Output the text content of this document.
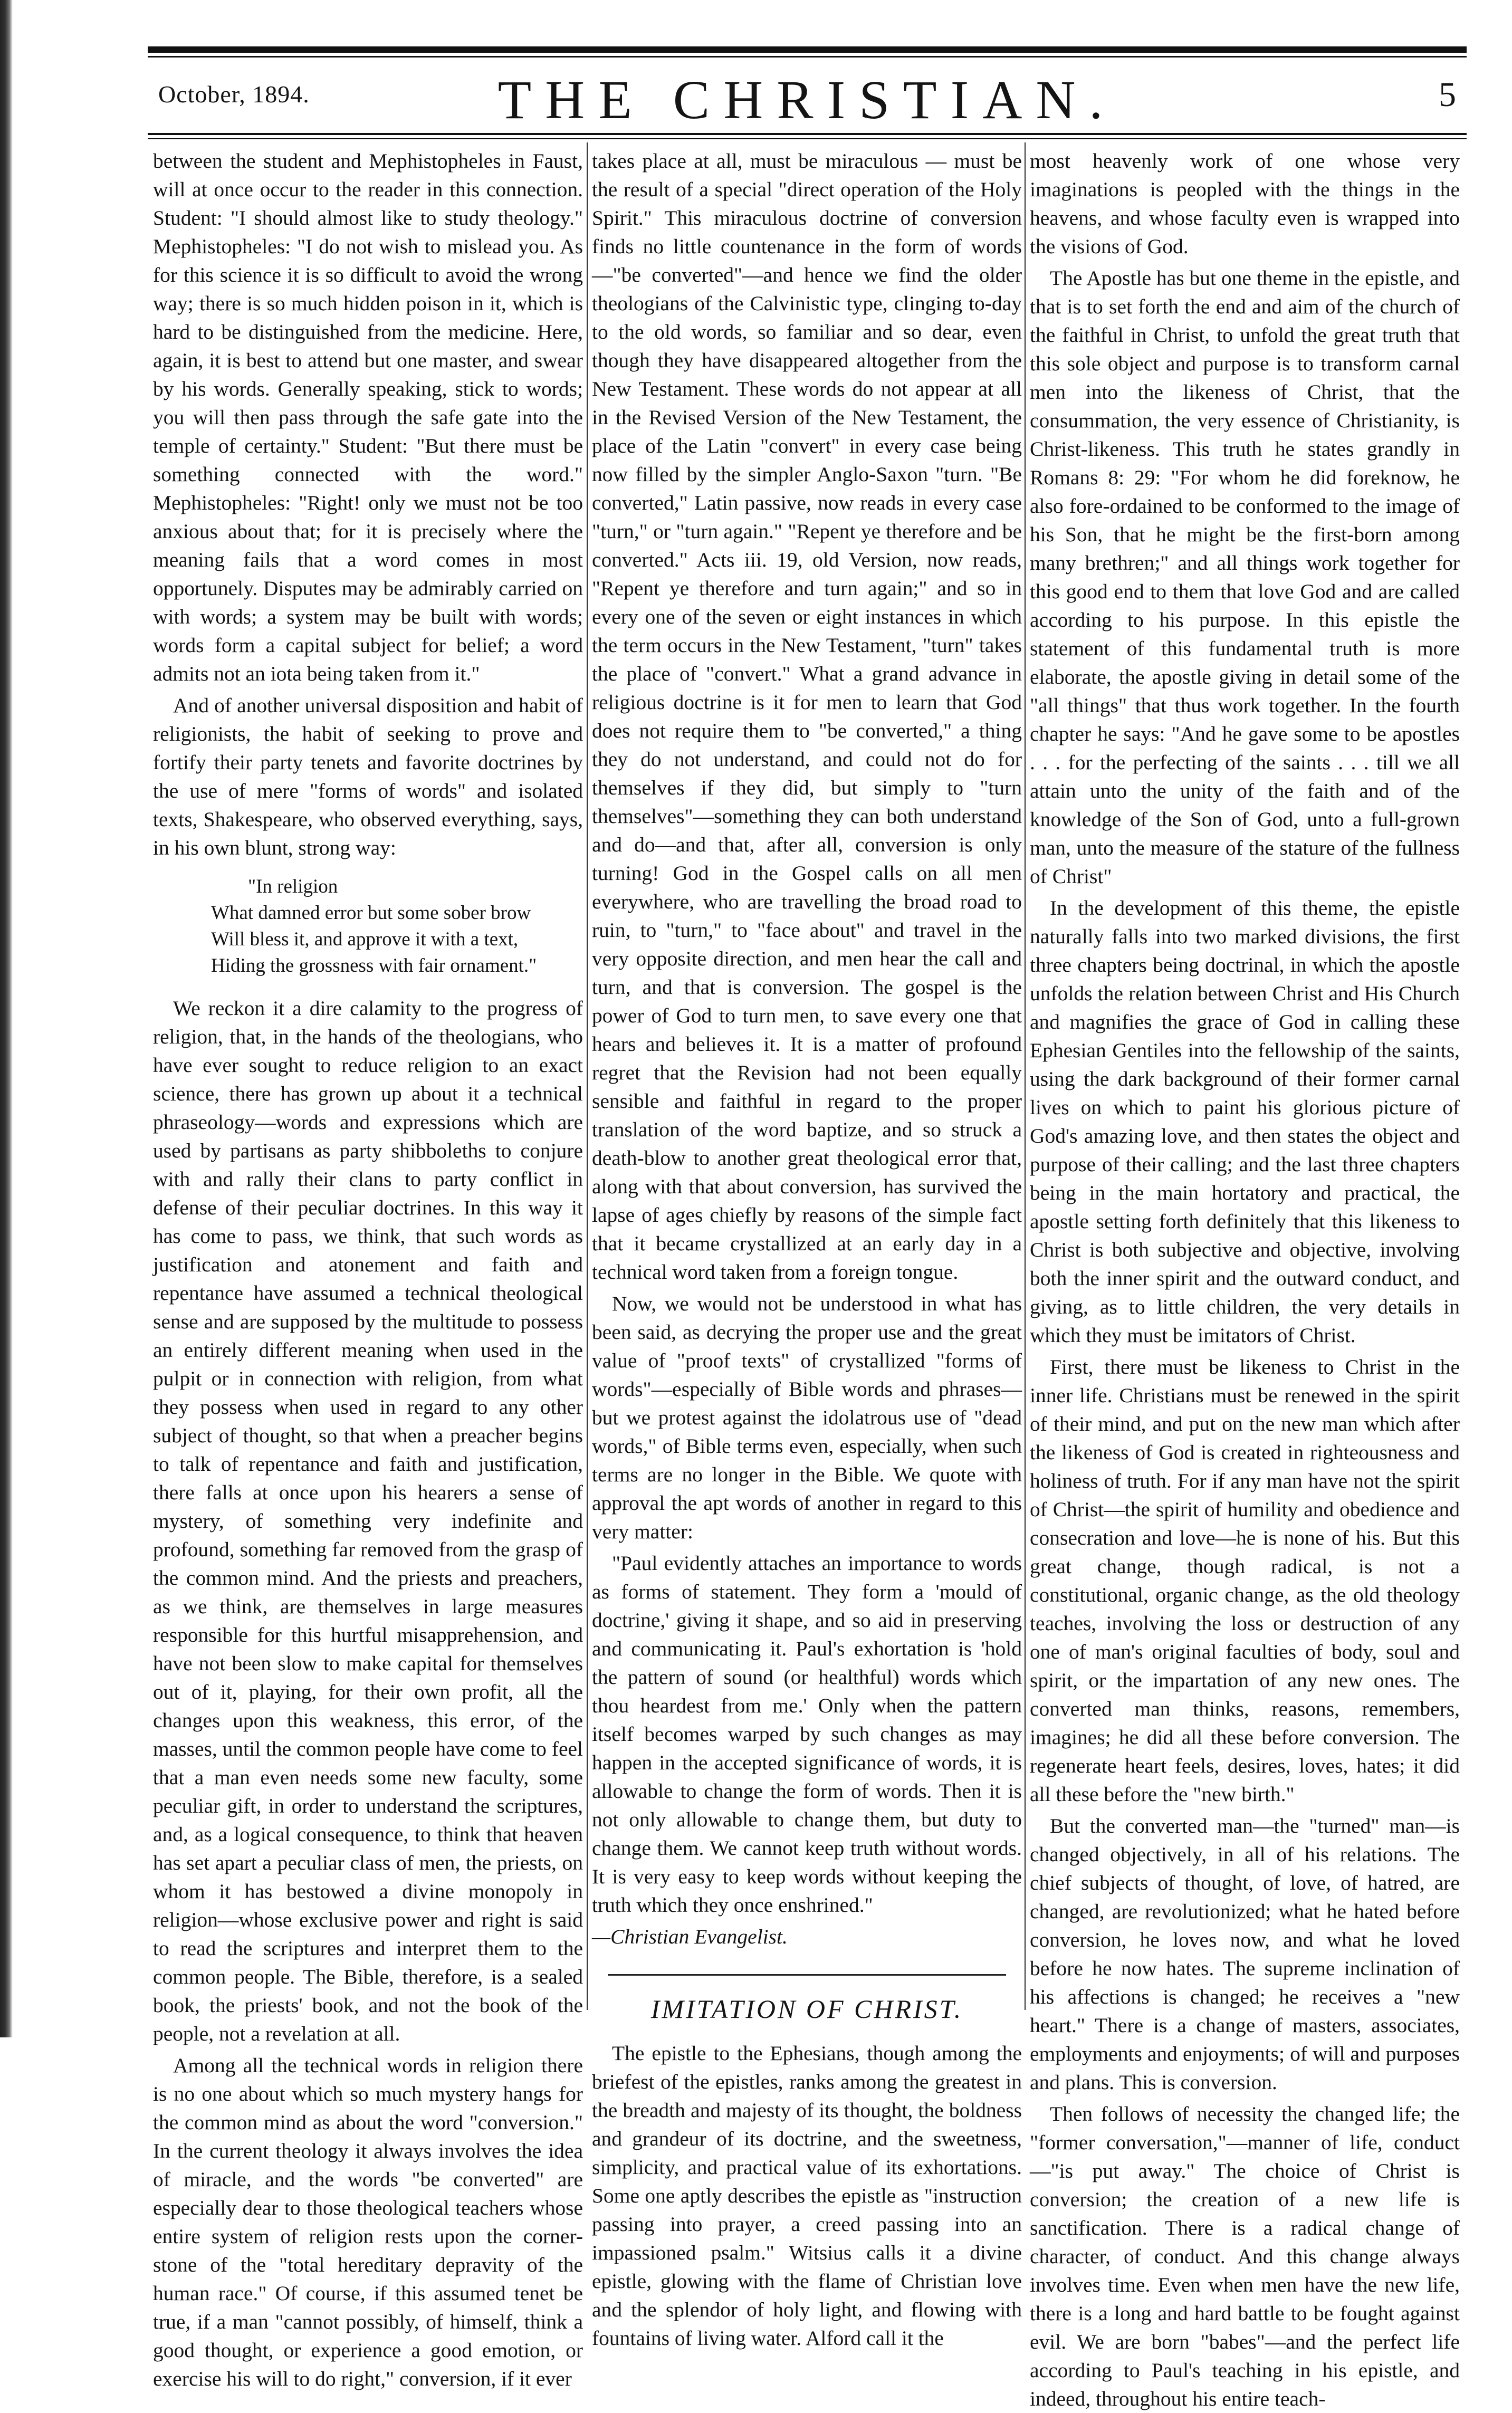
October, 1894.	THE CHRISTIAN.	5

between the student and Mephistopheles in Faust, will at once occur to the reader in this connection. Student: "I should almost like to study theology." Mephistopheles: "I do not wish to mislead you. As for this science it is so difficult to avoid the wrong way; there is so much hidden poison in it, which is hard to be distinguished from the medicine. Here, again, it is best to attend but one master, and swear by his words. Generally speaking, stick to words; you will then pass through the safe gate into the temple of certainty." Student: "But there must be something connected with the word." Mephistopheles: "Right! only we must not be too anxious about that; for it is precisely where the meaning fails that a word comes in most opportunely. Disputes may be admirably carried on with words; a system may be built with words; words form a capital subject for belief; a word admits not an iota being taken from it."

And of another universal disposition and habit of religionists, the habit of seeking to prove and fortify their party tenets and favorite doctrines by the use of mere "forms of words" and isolated texts, Shakespeare, who observed everything, says, in his own blunt, strong way:

"In religion
What damned error but some sober brow
Will bless it, and approve it with a text,
Hiding the grossness with fair ornament."

We reckon it a dire calamity to the progress of religion, that, in the hands of the theologians, who have ever sought to reduce religion to an exact science, there has grown up about it a technical phraseology—words and expressions which are used by partisans as party shibboleths to conjure with and rally their clans to party conflict in defense of their peculiar doctrines. In this way it has come to pass, we think, that such words as justification and atonement and faith and repentance have assumed a technical theological sense and are supposed by the multitude to possess an entirely different meaning when used in the pulpit or in connection with religion, from what they possess when used in regard to any other subject of thought, so that when a preacher begins to talk of repentance and faith and justification, there falls at once upon his hearers a sense of mystery, of something very indefinite and profound, something far removed from the grasp of the common mind. And the priests and preachers, as we think, are themselves in large measures responsible for this hurtful misapprehension, and have not been slow to make capital for themselves out of it, playing, for their own profit, all the changes upon this weakness, this error, of the masses, until the common people have come to feel that a man even needs some new faculty, some peculiar gift, in order to understand the scriptures, and, as a logical consequence, to think that heaven has set apart a peculiar class of men, the priests, on whom it has bestowed a divine monopoly in religion—whose exclusive power and right is said to read the scriptures and interpret them to the common people. The Bible, therefore, is a sealed book, the priests' book, and not the book of the people, not a revelation at all.

Among all the technical words in religion there is no one about which so much mystery hangs for the common mind as about the word "conversion." In the current theology it always involves the idea of miracle, and the words "be converted" are especially dear to those theological teachers whose entire system of religion rests upon the corner-stone of the "total hereditary depravity of the human race." Of course, if this assumed tenet be true, if a man "cannot possibly, of himself, think a good thought, or experience a good emotion, or exercise his will to do right," conversion, if it ever

takes place at all, must be miraculous — must be the result of a special "direct operation of the Holy Spirit." This miraculous doctrine of conversion finds no little countenance in the form of words—"be converted"—and hence we find the older theologians of the Calvinistic type, clinging to-day to the old words, so familiar and so dear, even though they have disappeared altogether from the New Testament. These words do not appear at all in the Revised Version of the New Testament, the place of the Latin "convert" in every case being now filled by the simpler Anglo-Saxon "turn. "Be converted," Latin passive, now reads in every case "turn," or "turn again." "Repent ye therefore and be converted." Acts iii. 19, old Version, now reads, "Repent ye therefore and turn again;" and so in every one of the seven or eight instances in which the term occurs in the New Testament, "turn" takes the place of "convert." What a grand advance in religious doctrine is it for men to learn that God does not require them to "be converted," a thing they do not understand, and could not do for themselves if they did, but simply to "turn themselves"—something they can both understand and do—and that, after all, conversion is only turning! God in the Gospel calls on all men everywhere, who are travelling the broad road to ruin, to "turn," to "face about" and travel in the very opposite direction, and men hear the call and turn, and that is conversion. The gospel is the power of God to turn men, to save every one that hears and believes it. It is a matter of profound regret that the Revision had not been equally sensible and faithful in regard to the proper translation of the word baptize, and so struck a death-blow to another great theological error that, along with that about conversion, has survived the lapse of ages chiefly by reasons of the simple fact that it became crystallized at an early day in a technical word taken from a foreign tongue.

Now, we would not be understood in what has been said, as decrying the proper use and the great value of "proof texts" of crystallized "forms of words"—especially of Bible words and phrases—but we protest against the idolatrous use of "dead words," of Bible terms even, especially, when such terms are no longer in the Bible. We quote with approval the apt words of another in regard to this very matter:

"Paul evidently attaches an importance to words as forms of statement. They form a 'mould of doctrine,' giving it shape, and so aid in preserving and communicating it. Paul's exhortation is 'hold the pattern of sound (or healthful) words which thou heardest from me.' Only when the pattern itself becomes warped by such changes as may happen in the accepted significance of words, it is allowable to change the form of words. Then it is not only allowable to change them, but duty to change them. We cannot keep truth without words. It is very easy to keep words without keeping the truth which they once enshrined."

—Christian Evangelist.

IMITATION OF CHRIST.

The epistle to the Ephesians, though among the briefest of the epistles, ranks among the greatest in the breadth and majesty of its thought, the boldness and grandeur of its doctrine, and the sweetness, simplicity, and practical value of its exhortations. Some one aptly describes the epistle as "instruction passing into prayer, a creed passing into an impassioned psalm." Witsius calls it a divine epistle, glowing with the flame of Christian love and the splendor of holy light, and flowing with fountains of living water. Alford call it the

most heavenly work of one whose very imaginations is peopled with the things in the heavens, and whose faculty even is wrapped into the visions of God.

The Apostle has but one theme in the epistle, and that is to set forth the end and aim of the church of the faithful in Christ, to unfold the great truth that this sole object and purpose is to transform carnal men into the likeness of Christ, that the consummation, the very essence of Christianity, is Christ-likeness. This truth he states grandly in Romans 8: 29: "For whom he did foreknow, he also fore-ordained to be conformed to the image of his Son, that he might be the first-born among many brethren;" and all things work together for this good end to them that love God and are called according to his purpose. In this epistle the statement of this fundamental truth is more elaborate, the apostle giving in detail some of the "all things" that thus work together. In the fourth chapter he says: "And he gave some to be apostles . . . for the perfecting of the saints . . . till we all attain unto the unity of the faith and of the knowledge of the Son of God, unto a full-grown man, unto the measure of the stature of the fullness of Christ"

In the development of this theme, the epistle naturally falls into two marked divisions, the first three chapters being doctrinal, in which the apostle unfolds the relation between Christ and His Church and magnifies the grace of God in calling these Ephesian Gentiles into the fellowship of the saints, using the dark background of their former carnal lives on which to paint his glorious picture of God's amazing love, and then states the object and purpose of their calling; and the last three chapters being in the main hortatory and practical, the apostle setting forth definitely that this likeness to Christ is both subjective and objective, involving both the inner spirit and the outward conduct, and giving, as to little children, the very details in which they must be imitators of Christ.

First, there must be likeness to Christ in the inner life. Christians must be renewed in the spirit of their mind, and put on the new man which after the likeness of God is created in righteousness and holiness of truth. For if any man have not the spirit of Christ—the spirit of humility and obedience and consecration and love—he is none of his. But this great change, though radical, is not a constitutional, organic change, as the old theology teaches, involving the loss or destruction of any one of man's original faculties of body, soul and spirit, or the impartation of any new ones. The converted man thinks, reasons, remembers, imagines; he did all these before conversion. The regenerate heart feels, desires, loves, hates; it did all these before the "new birth."

But the converted man—the "turned" man—is changed objectively, in all of his relations. The chief subjects of thought, of love, of hatred, are changed, are revolutionized; what he hated before conversion, he loves now, and what he loved before he now hates. The supreme inclination of his affections is changed; he receives a "new heart." There is a change of masters, associates, employments and enjoyments; of will and purposes and plans. This is conversion.

Then follows of necessity the changed life; the "former conversation,"—manner of life, conduct—"is put away." The choice of Christ is conversion; the creation of a new life is sanctification. There is a radical change of character, of conduct. And this change always involves time. Even when men have the new life, there is a long and hard battle to be fought against evil. We are born "babes"—and the perfect life according to Paul's teaching in his epistle, and indeed, throughout his entire teach-
